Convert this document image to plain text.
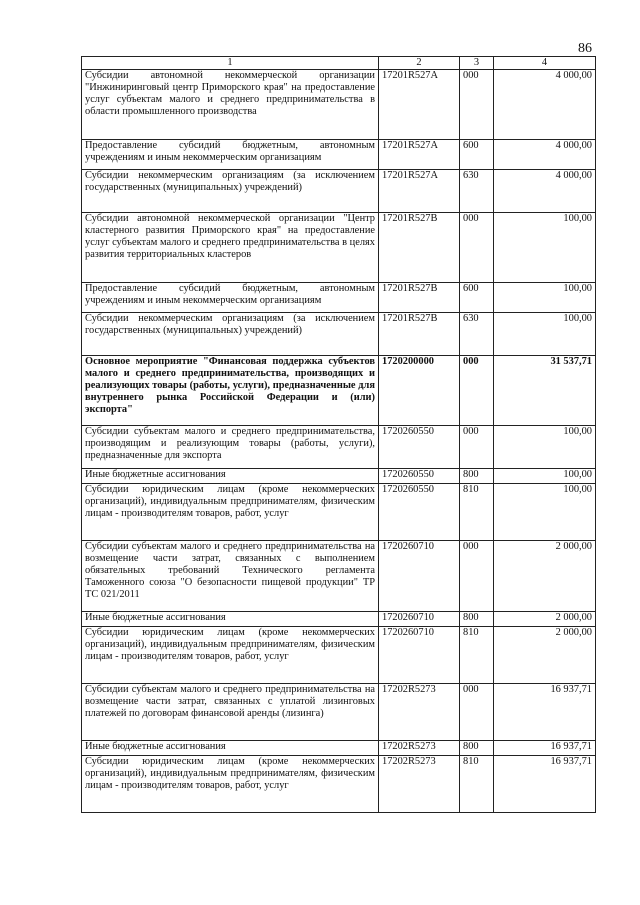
86
1	2	3	4
Субсидии автономной некоммерческой организации "Инжиниринговый центр Приморского края" на предоставление услуг субъектам малого и среднего предпринимательства в области промышленного производства	17201R527A	000	4 000,00
Предоставление субсидий бюджетным, автономным учреждениям и иным некоммерческим организациям	17201R527A	600	4 000,00
Субсидии некоммерческим организациям (за исключением государственных (муниципальных) учреждений)	17201R527A	630	4 000,00
Субсидии автономной некоммерческой организации "Центр кластерного развития Приморского края" на предоставление услуг субъектам малого и среднего предпринимательства в целях развития территориальных кластеров	17201R527B	000	100,00
Предоставление субсидий бюджетным, автономным учреждениям и иным некоммерческим организациям	17201R527B	600	100,00
Субсидии некоммерческим организациям (за исключением государственных (муниципальных) учреждений)	17201R527B	630	100,00
Основное мероприятие "Финансовая поддержка субъектов малого и среднего предпринимательства, производящих и реализующих товары (работы, услуги), предназначенные для внутреннего рынка Российской Федерации и (или) экспорта"	1720200000	000	31 537,71
Субсидии субъектам малого и среднего предпринимательства, производящим и реализующим товары (работы, услуги), предназначенные для экспорта	1720260550	000	100,00
Иные бюджетные ассигнования	1720260550	800	100,00
Субсидии юридическим лицам (кроме некоммерческих организаций), индивидуальным предпринимателям, физическим лицам - производителям товаров, работ, услуг	1720260550	810	100,00
Субсидии субъектам малого и среднего предпринимательства на возмещение части затрат, связанных с выполнением обязательных требований Технического регламента Таможенного союза "О безопасности пищевой продукции" ТР ТС 021/2011	1720260710	000	2 000,00
Иные бюджетные ассигнования	1720260710	800	2 000,00
Субсидии юридическим лицам (кроме некоммерческих организаций), индивидуальным предпринимателям, физическим лицам - производителям товаров, работ, услуг	1720260710	810	2 000,00
Субсидии субъектам малого и среднего предпринимательства на возмещение части затрат, связанных с уплатой лизинговых платежей по договорам финансовой аренды (лизинга)	17202R5273	000	16 937,71
Иные бюджетные ассигнования	17202R5273	800	16 937,71
Субсидии юридическим лицам (кроме некоммерческих организаций), индивидуальным предпринимателям, физическим лицам - производителям товаров, работ, услуг	17202R5273	810	16 937,71
